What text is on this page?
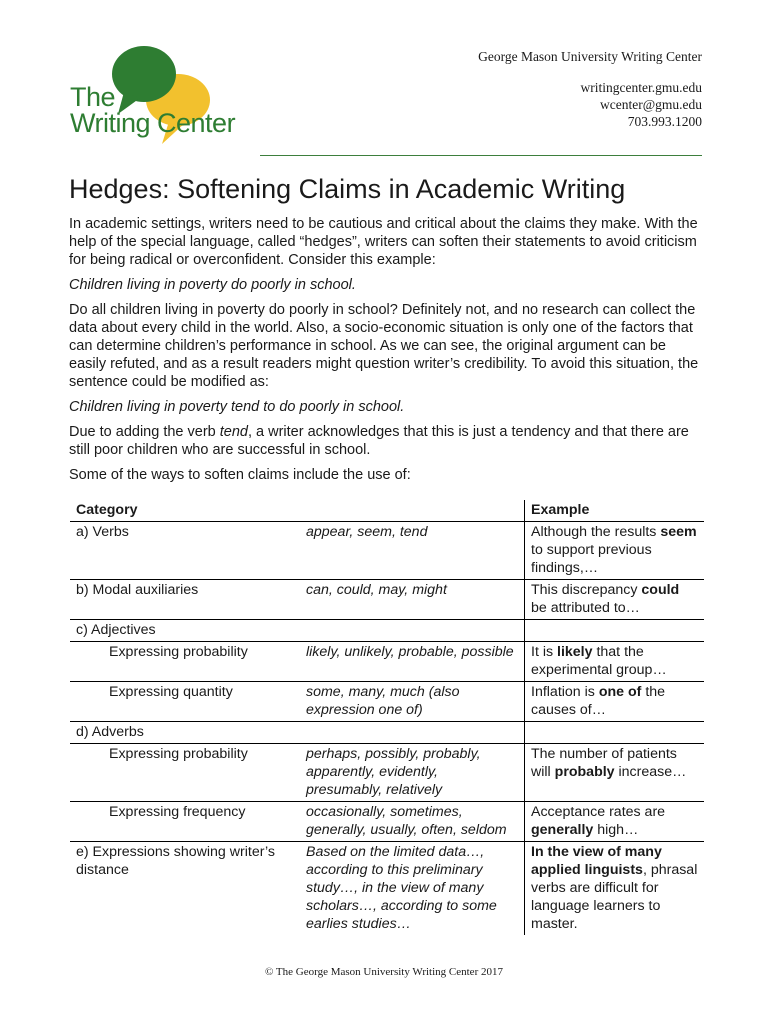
The
Writing Center
George Mason University Writing Center
writingcenter.gmu.edu
wcenter@gmu.edu
703.993.1200
Hedges: Softening Claims in Academic Writing

In academic settings, writers need to be cautious and critical about the claims they make. With the help of the special language, called “hedges”, writers can soften their statements to avoid criticism for being radical or overconfident. Consider this example:

Children living in poverty do poorly in school.

Do all children living in poverty do poorly in school? Definitely not, and no research can collect the data about every child in the world. Also, a socio-economic situation is only one of the factors that can determine children’s performance in school. As we can see, the original argument can be easily refuted, and as a result readers might question writer’s credibility. To avoid this situation, the sentence could be modified as:

Children living in poverty tend to do poorly in school.

Due to adding the verb tend, a writer acknowledges that this is just a tendency and that there are still poor children who are successful in school.

Some of the ways to soften claims include the use of:

Category		Example
a) Verbs	appear, seem, tend	Although the results seem to support previous findings,…
b) Modal auxiliaries	can, could, may, might	This discrepancy could be attributed to…
c) Adjectives		
Expressing probability	likely, unlikely, probable, possible	It is likely that the experimental group…
Expressing quantity	some, many, much (also expression one of)	Inflation is one of the causes of…
d) Adverbs		
Expressing probability	perhaps, possibly, probably, apparently, evidently, presumably, relatively	The number of patients will probably increase…
Expressing frequency	occasionally, sometimes, generally, usually, often, seldom	Acceptance rates are generally high…
e) Expressions showing writer’s distance	Based on the limited data…, according to this preliminary study…, in the view of many scholars…, according to some earlies studies…	In the view of many applied linguists, phrasal verbs are difficult for language learners to master.
© The George Mason University Writing Center 2017
